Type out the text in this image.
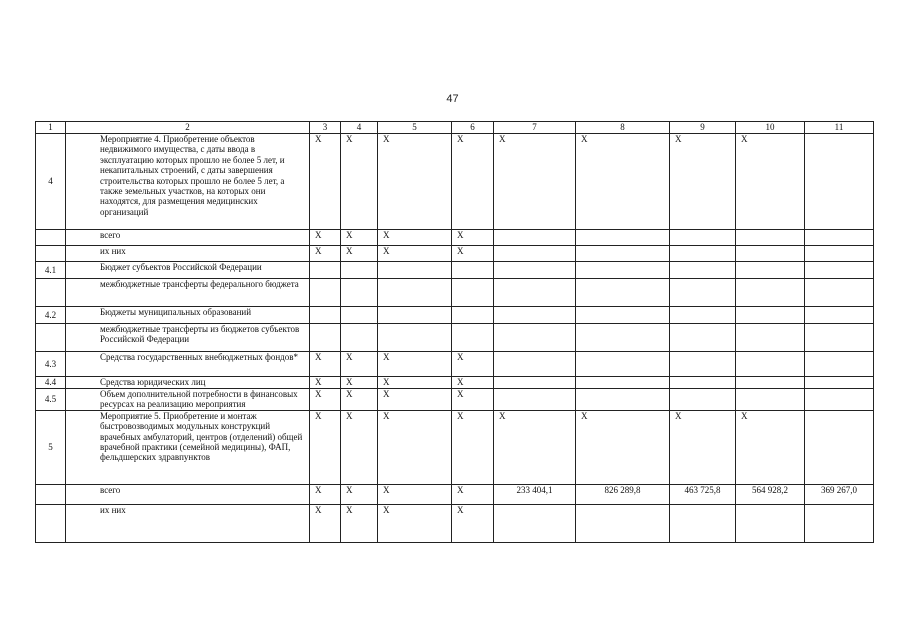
47
1	2	3	4	5	6	7	8	9	10	11
4	Мероприятие 4. Приобретение объектов недвижимого имущества, с даты ввода в эксплуатацию которых прошло не более 5 лет, и некапитальных строений, с даты завершения строительства которых прошло не более 5 лет, а также земельных участков, на которых они находятся, для размещения медицинских организаций	X	X	X	X	X	X	X	X	
	всего	X	X	X	X					
	их них	X	X	X	X					
4.1	Бюджет субъектов Российской Федерации									
	межбюджетные трансферты федерального бюджета									
4.2	Бюджеты муниципальных образований									
	межбюджетные трансферты из бюджетов субъектов Российской Федерации									
4.3	Средства государственных внебюджетных фондов*	X	X	X	X					
4.4	Средства юридических лиц	X	X	X	X					
4.5	Объем дополнительной потребности в финансовых ресурсах на реализацию мероприятия	X	X	X	X					
5	Мероприятие 5. Приобретение и монтаж быстровозводимых модульных конструкций врачебных амбулаторий, центров (отделений) общей врачебной практики (семейной медицины), ФАП, фельдшерских здравпунктов	X	X	X	X	X	X	X	X	
	всего	X	X	X	X	233 404,1	826 289,8	463 725,8	564 928,2	369 267,0
	их них	X	X	X	X					
